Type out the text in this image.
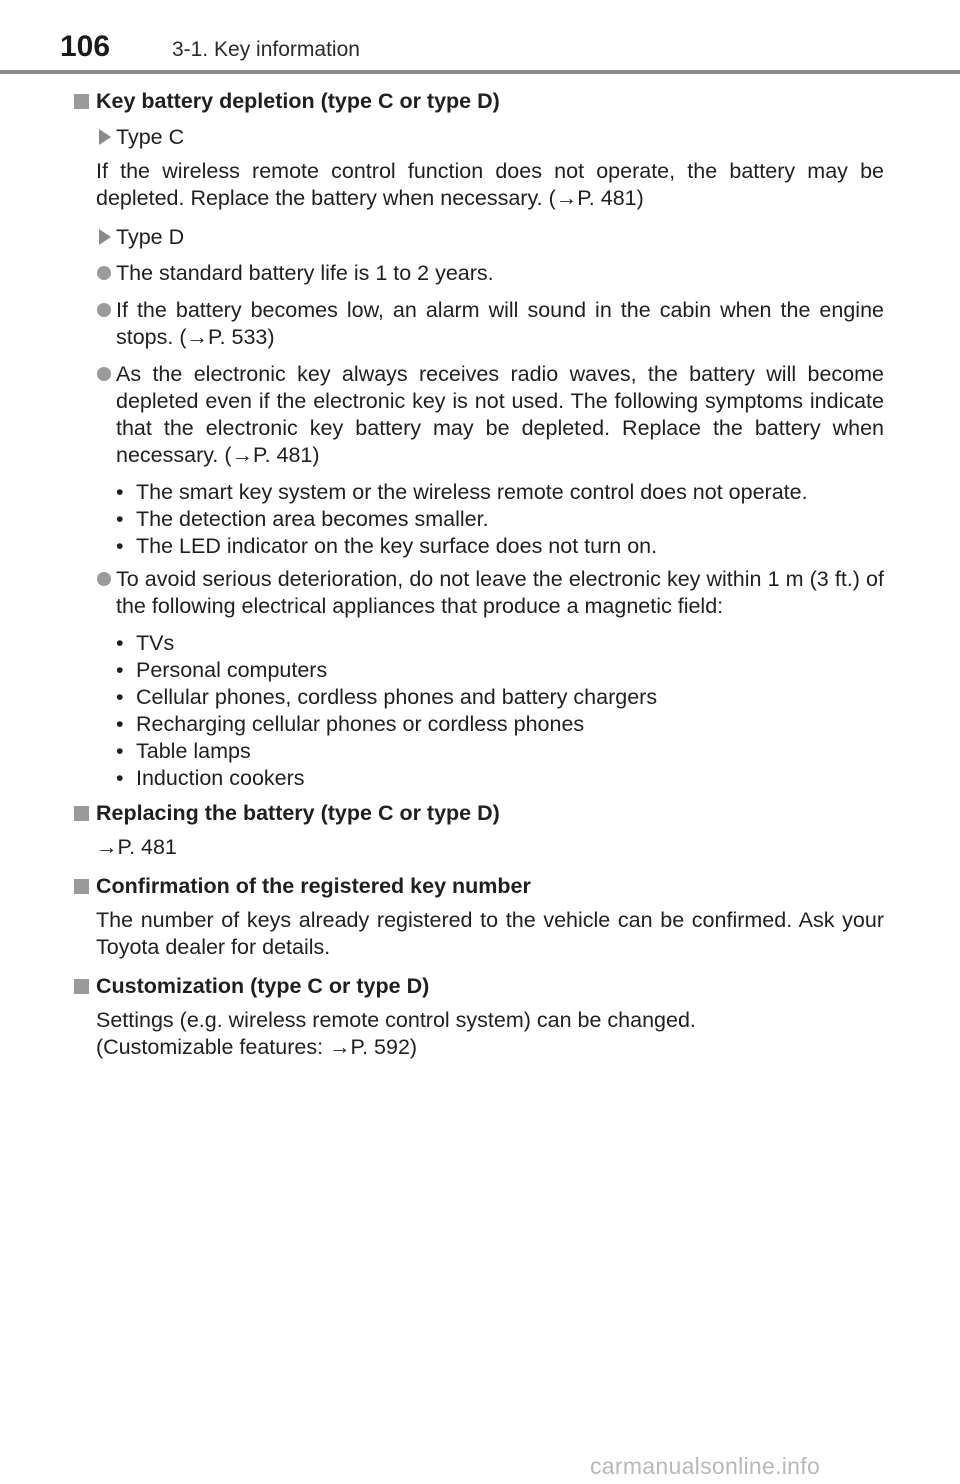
106	3-1. Key information
Key battery depletion (type C or type D)
Type C
If the wireless remote control function does not operate, the battery may be depleted. Replace the battery when necessary. (→P. 481)
Type D
The standard battery life is 1 to 2 years.
If the battery becomes low, an alarm will sound in the cabin when the engine stops. (→P. 533)
As the electronic key always receives radio waves, the battery will become depleted even if the electronic key is not used. The following symptoms indicate that the electronic key battery may be depleted. Replace the battery when necessary. (→P. 481)
• The smart key system or the wireless remote control does not operate.
• The detection area becomes smaller.
• The LED indicator on the key surface does not turn on.
To avoid serious deterioration, do not leave the electronic key within 1 m (3 ft.) of the following electrical appliances that produce a magnetic field:
• TVs
• Personal computers
• Cellular phones, cordless phones and battery chargers
• Recharging cellular phones or cordless phones
• Table lamps
• Induction cookers
Replacing the battery (type C or type D)
→P. 481
Confirmation of the registered key number
The number of keys already registered to the vehicle can be confirmed. Ask your Toyota dealer for details.
Customization (type C or type D)
Settings (e.g. wireless remote control system) can be changed.
(Customizable features: →P. 592)
carmanualsonline.info
